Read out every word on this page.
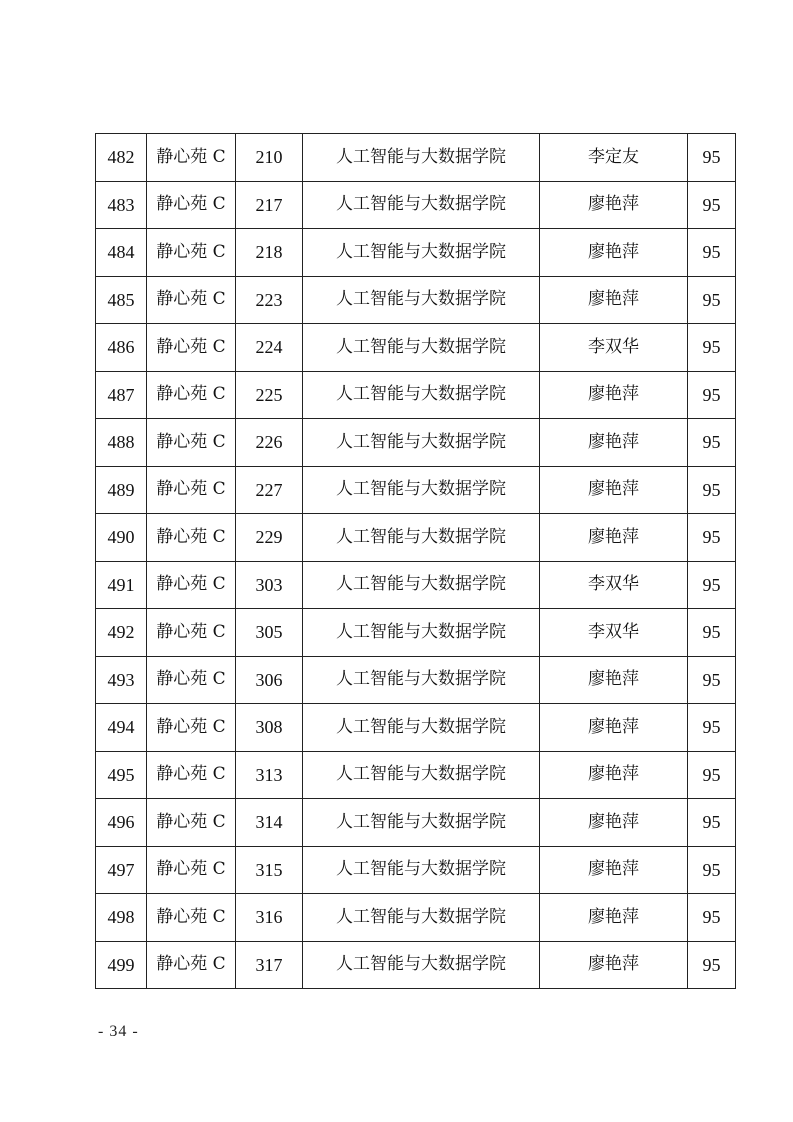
482	静心苑 C	210	人工智能与大数据学院	李定友	95
483	静心苑 C	217	人工智能与大数据学院	廖艳萍	95
484	静心苑 C	218	人工智能与大数据学院	廖艳萍	95
485	静心苑 C	223	人工智能与大数据学院	廖艳萍	95
486	静心苑 C	224	人工智能与大数据学院	李双华	95
487	静心苑 C	225	人工智能与大数据学院	廖艳萍	95
488	静心苑 C	226	人工智能与大数据学院	廖艳萍	95
489	静心苑 C	227	人工智能与大数据学院	廖艳萍	95
490	静心苑 C	229	人工智能与大数据学院	廖艳萍	95
491	静心苑 C	303	人工智能与大数据学院	李双华	95
492	静心苑 C	305	人工智能与大数据学院	李双华	95
493	静心苑 C	306	人工智能与大数据学院	廖艳萍	95
494	静心苑 C	308	人工智能与大数据学院	廖艳萍	95
495	静心苑 C	313	人工智能与大数据学院	廖艳萍	95
496	静心苑 C	314	人工智能与大数据学院	廖艳萍	95
497	静心苑 C	315	人工智能与大数据学院	廖艳萍	95
498	静心苑 C	316	人工智能与大数据学院	廖艳萍	95
499	静心苑 C	317	人工智能与大数据学院	廖艳萍	95
- 34 -
